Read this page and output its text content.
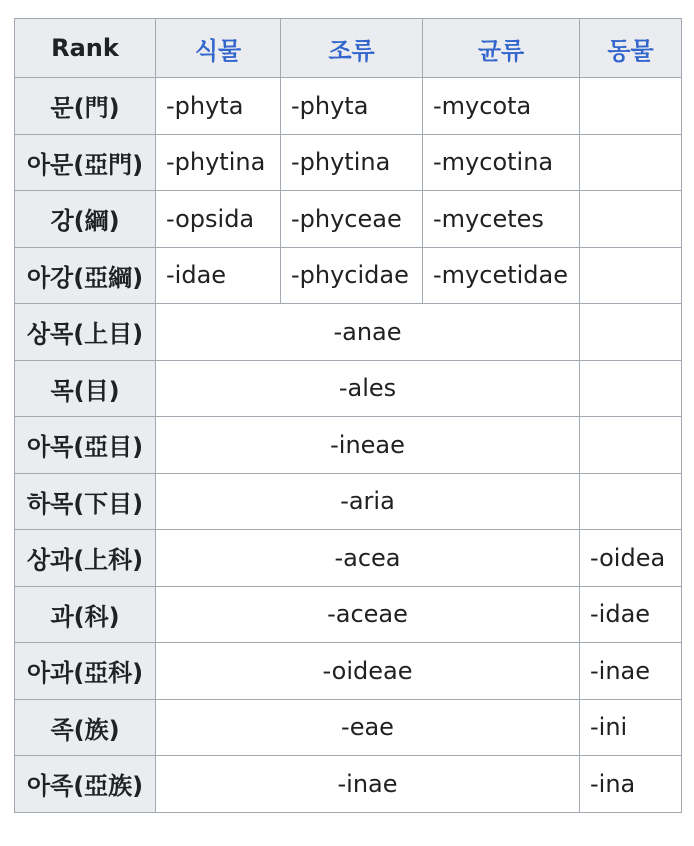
Rank	식물	조류	균류	동물
문(門)	-phyta	-phyta	-mycota	
아문(亞門)	-phytina	-phytina	-mycotina	
강(綱)	-opsida	-phyceae	-mycetes	
아강(亞綱)	-idae	-phycidae	-mycetidae	
상목(上目)	-anae			
목(目)	-ales			
아목(亞目)	-ineae			
하목(下目)	-aria			
상과(上科)	-acea			-oidea
과(科)	-aceae			-idae
아과(亞科)	-oideae			-inae
족(族)	-eae			-ini
아족(亞族)	-inae			-ina
